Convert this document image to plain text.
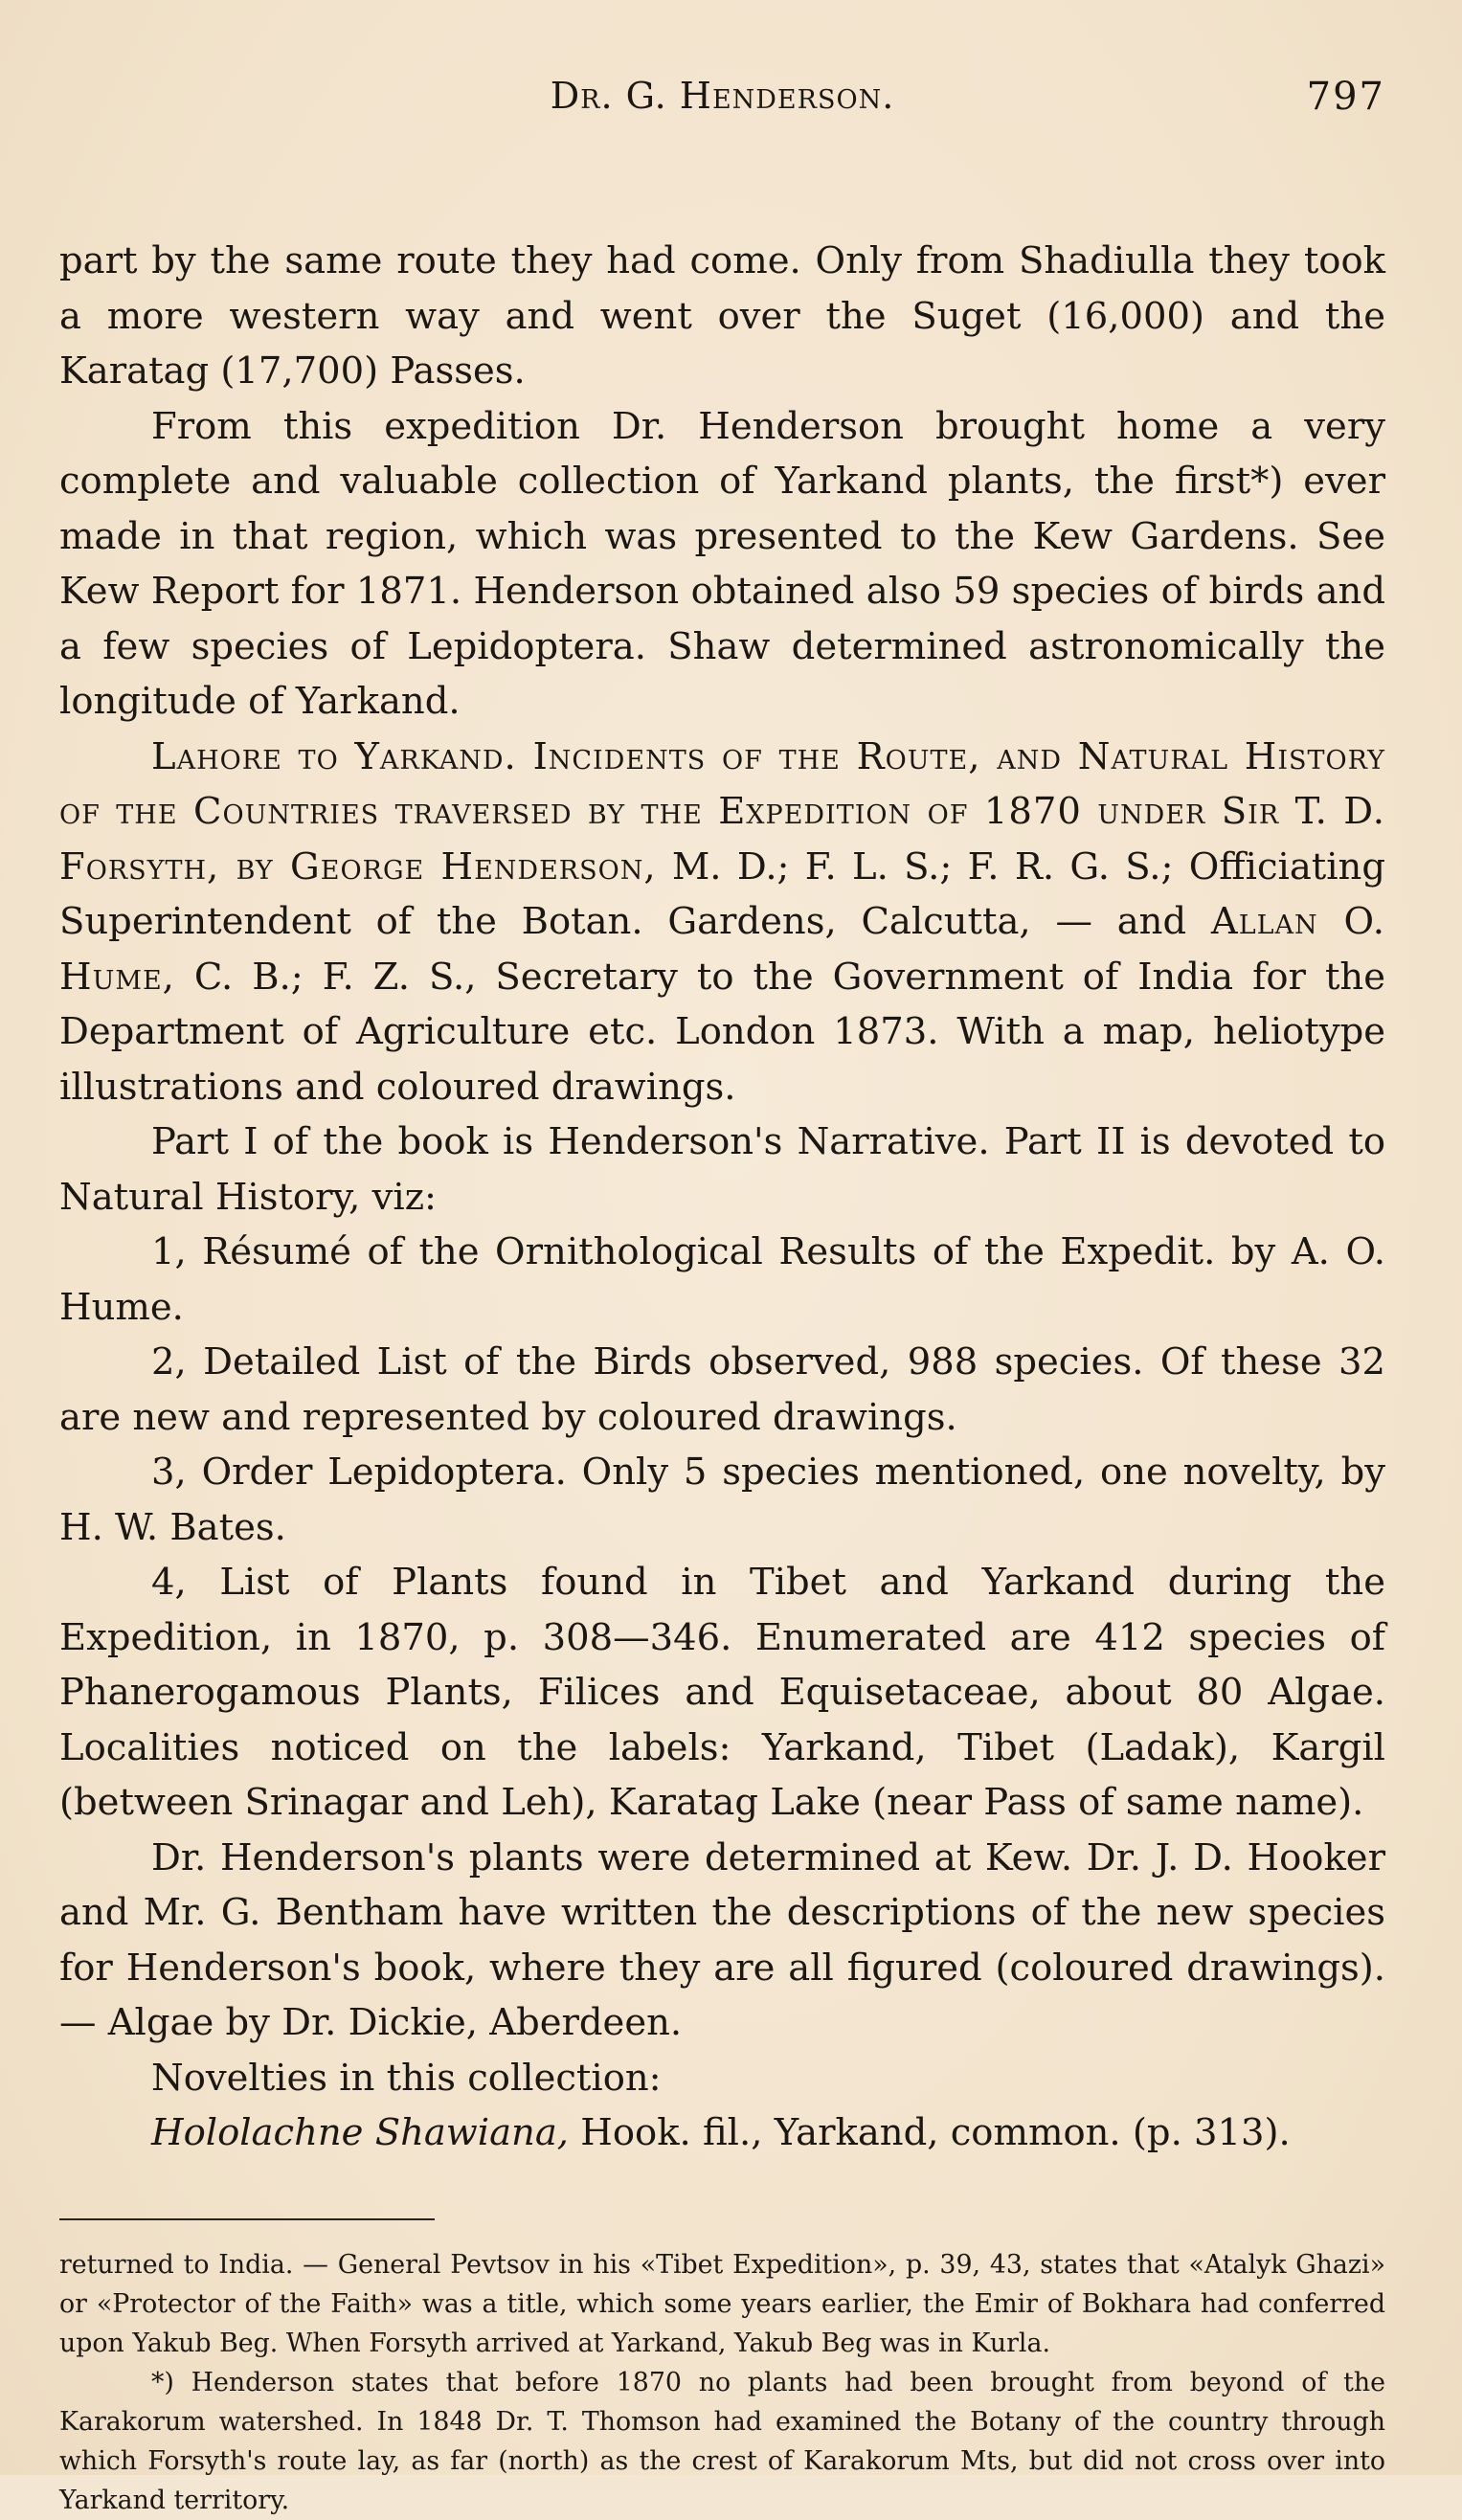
Dr. G. Henderson.	797

part by the same route they had come. Only from Shadiulla they took a more western way and went over the Suget (16,000) and the Karatag (17,700) Passes.

From this expedition Dr. Henderson brought home a very complete and valuable collection of Yarkand plants, the first*) ever made in that region, which was presented to the Kew Gardens. See Kew Report for 1871. Henderson obtained also 59 species of birds and a few species of Lepidoptera. Shaw determined astronomically the longitude of Yarkand.

Lahore to Yarkand. Incidents of the Route, and Natural History of the Countries traversed by the Expedition of 1870 under Sir T. D. Forsyth, by George Henderson, M. D.; F. L. S.; F. R. G. S.; Officiating Superintendent of the Botan. Gardens, Calcutta, — and Allan O. Hume, C. B.; F. Z. S., Secretary to the Government of India for the Department of Agriculture etc. London 1873. With a map, heliotype illustrations and coloured drawings.

Part I of the book is Henderson's Narrative. Part II is devoted to Natural History, viz:

1, Résumé of the Ornithological Results of the Expedit. by A. O. Hume.

2, Detailed List of the Birds observed, 988 species. Of these 32 are new and represented by coloured drawings.

3, Order Lepidoptera. Only 5 species mentioned, one novelty, by H. W. Bates.

4, List of Plants found in Tibet and Yarkand during the Expedition, in 1870, p. 308—346. Enumerated are 412 species of Phanerogamous Plants, Filices and Equisetaceae, about 80 Algae. Localities noticed on the labels: Yarkand, Tibet (Ladak), Kargil (between Srinagar and Leh), Karatag Lake (near Pass of same name).

Dr. Henderson's plants were determined at Kew. Dr. J. D. Hooker and Mr. G. Bentham have written the descriptions of the new species for Henderson's book, where they are all figured (coloured drawings). — Algae by Dr. Dickie, Aberdeen.

Novelties in this collection:

Hololachne Shawiana, Hook. fil., Yarkand, common. (p. 313).

returned to India. — General Pevtsov in his «Tibet Expedition», p. 39, 43, states that «Atalyk Ghazi» or «Protector of the Faith» was a title, which some years earlier, the Emir of Bokhara had conferred upon Yakub Beg. When Forsyth arrived at Yarkand, Yakub Beg was in Kurla.

*) Henderson states that before 1870 no plants had been brought from beyond of the Karakorum watershed. In 1848 Dr. T. Thomson had examined the Botany of the country through which Forsyth's route lay, as far (north) as the crest of Karakorum Mts, but did not cross over into Yarkand territory.
